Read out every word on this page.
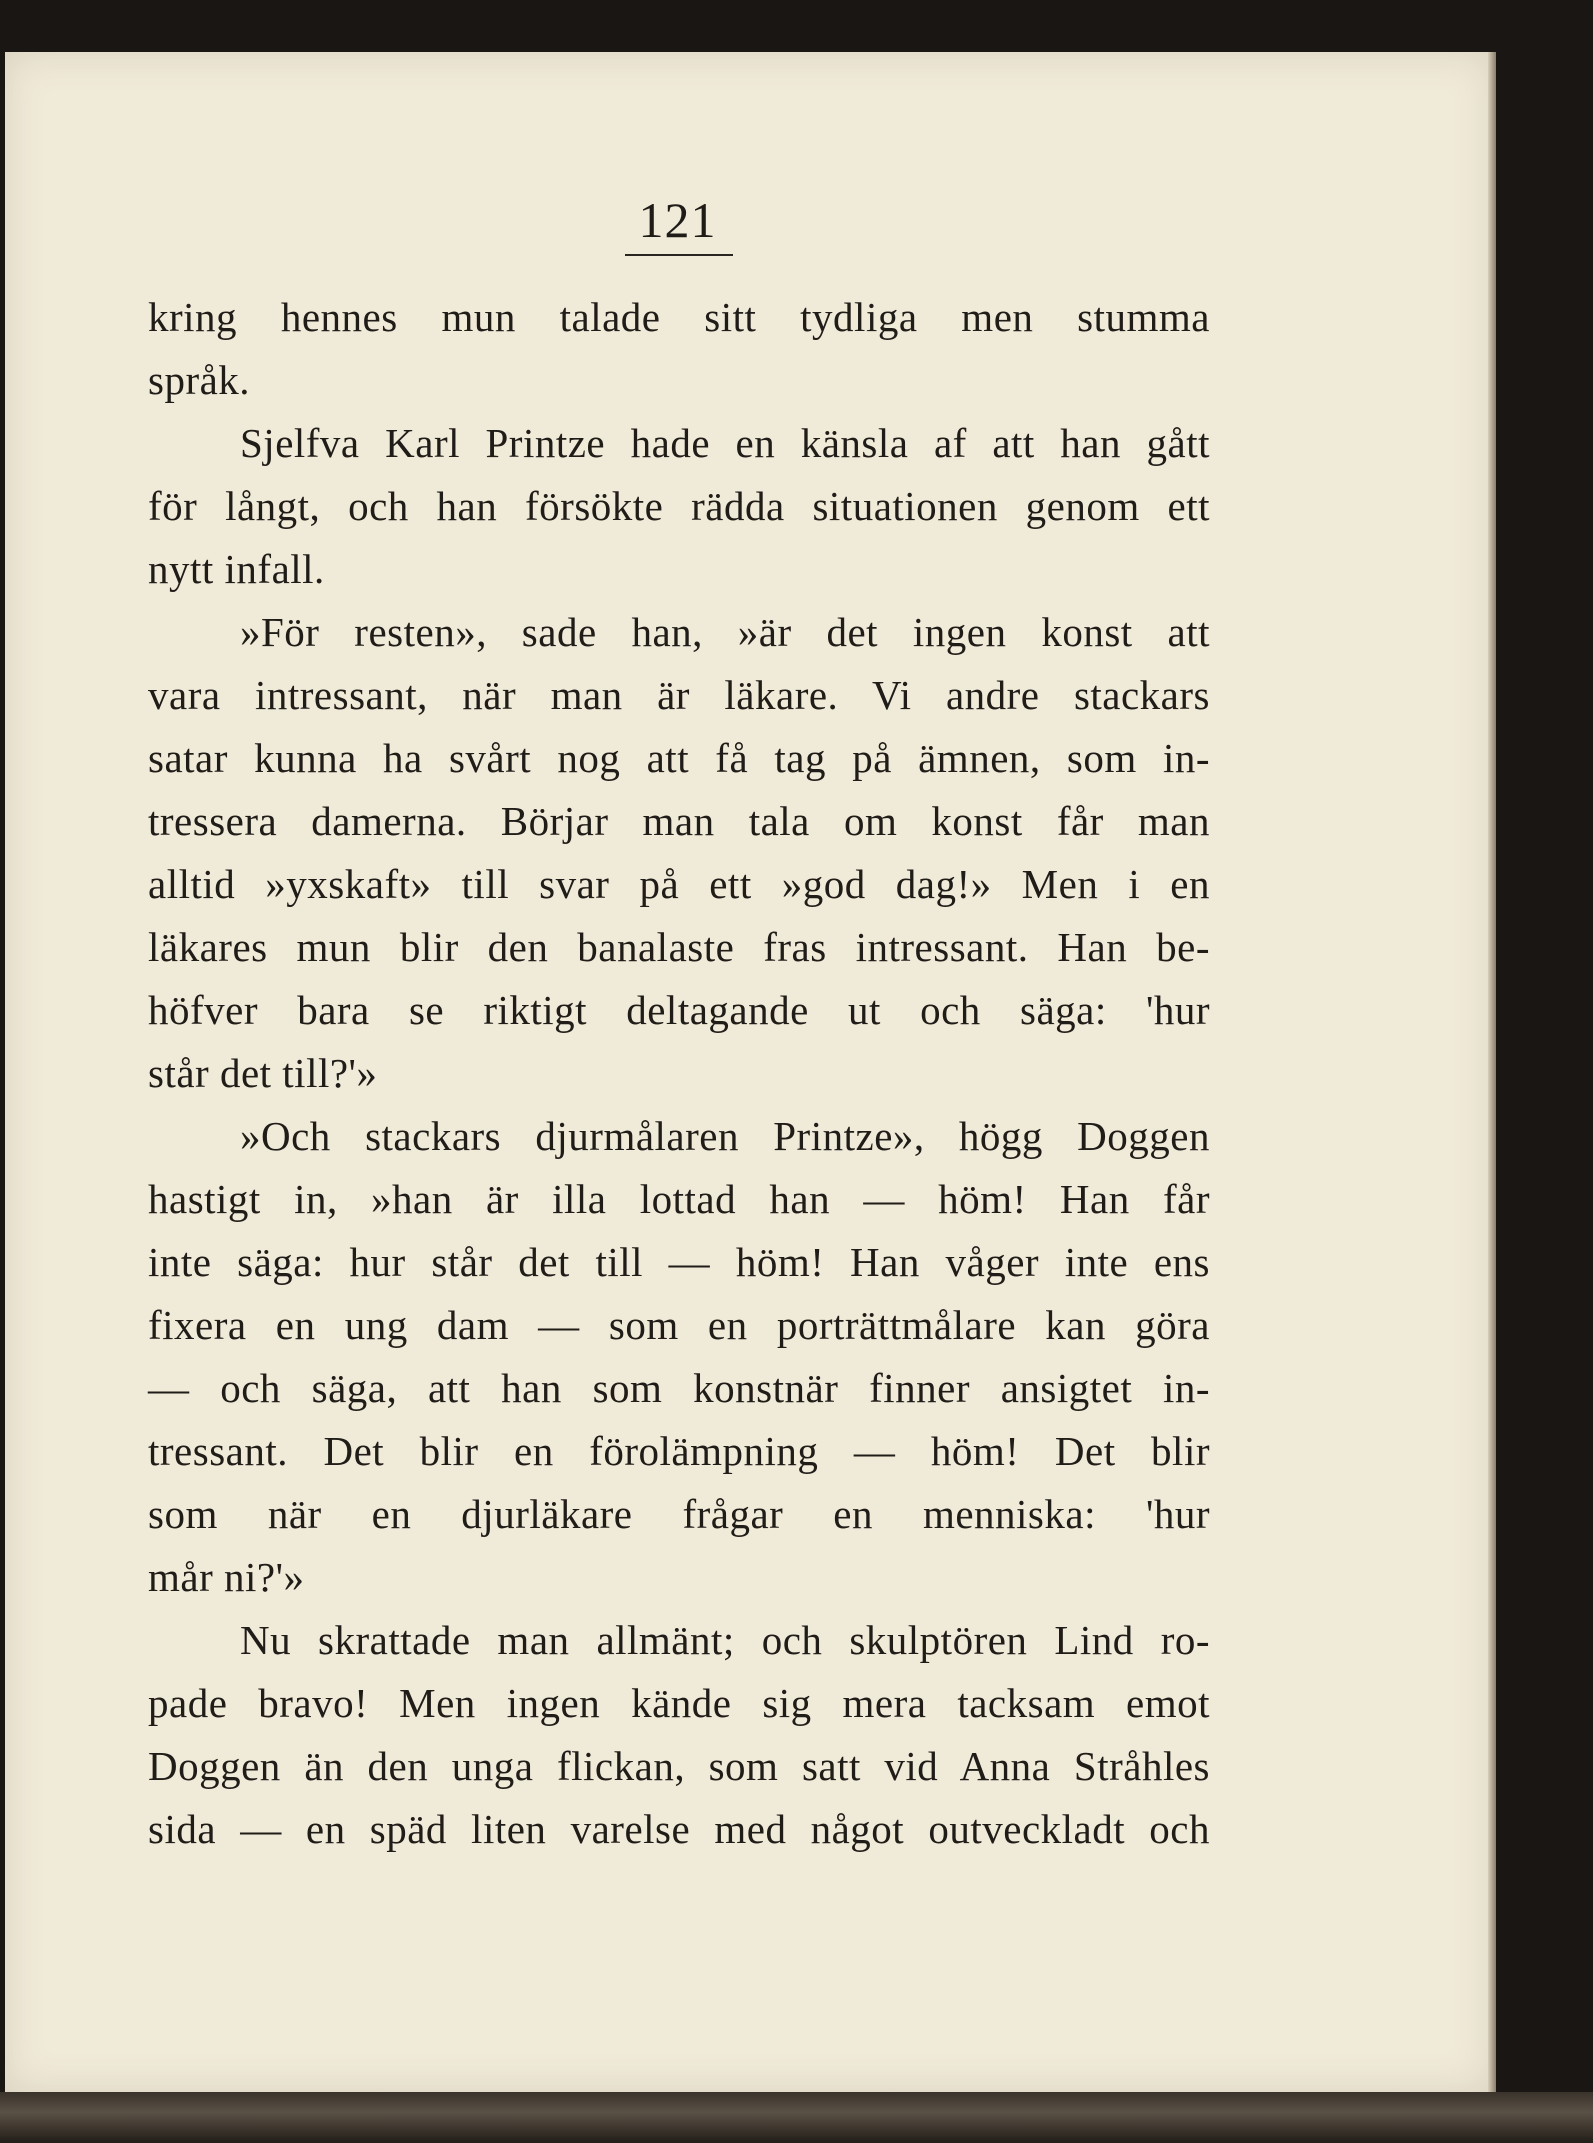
121
kring hennes mun talade sitt tydliga men stumma
språk.
Sjelfva Karl Printze hade en känsla af att han gått
för långt, och han försökte rädda situationen genom ett
nytt infall.
»För resten», sade han, »är det ingen konst att
vara intressant, när man är läkare. Vi andre stackars
satar kunna ha svårt nog att få tag på ämnen, som in-
tressera damerna. Börjar man tala om konst får man
alltid »yxskaft» till svar på ett »god dag!» Men i en
läkares mun blir den banalaste fras intressant. Han be-
höfver bara se riktigt deltagande ut och säga: 'hur
står det till?'»
»Och stackars djurmålaren Printze», högg Doggen
hastigt in, »han är illa lottad han — höm! Han får
inte säga: hur står det till — höm! Han våger inte ens
fixera en ung dam — som en porträttmålare kan göra
— och säga, att han som konstnär finner ansigtet in-
tressant. Det blir en förolämpning — höm! Det blir
som när en djurläkare frågar en menniska: 'hur
mår ni?'»
Nu skrattade man allmänt; och skulptören Lind ro-
pade bravo! Men ingen kände sig mera tacksam emot
Doggen än den unga flickan, som satt vid Anna Stråhles
sida — en späd liten varelse med något outveckladt och
